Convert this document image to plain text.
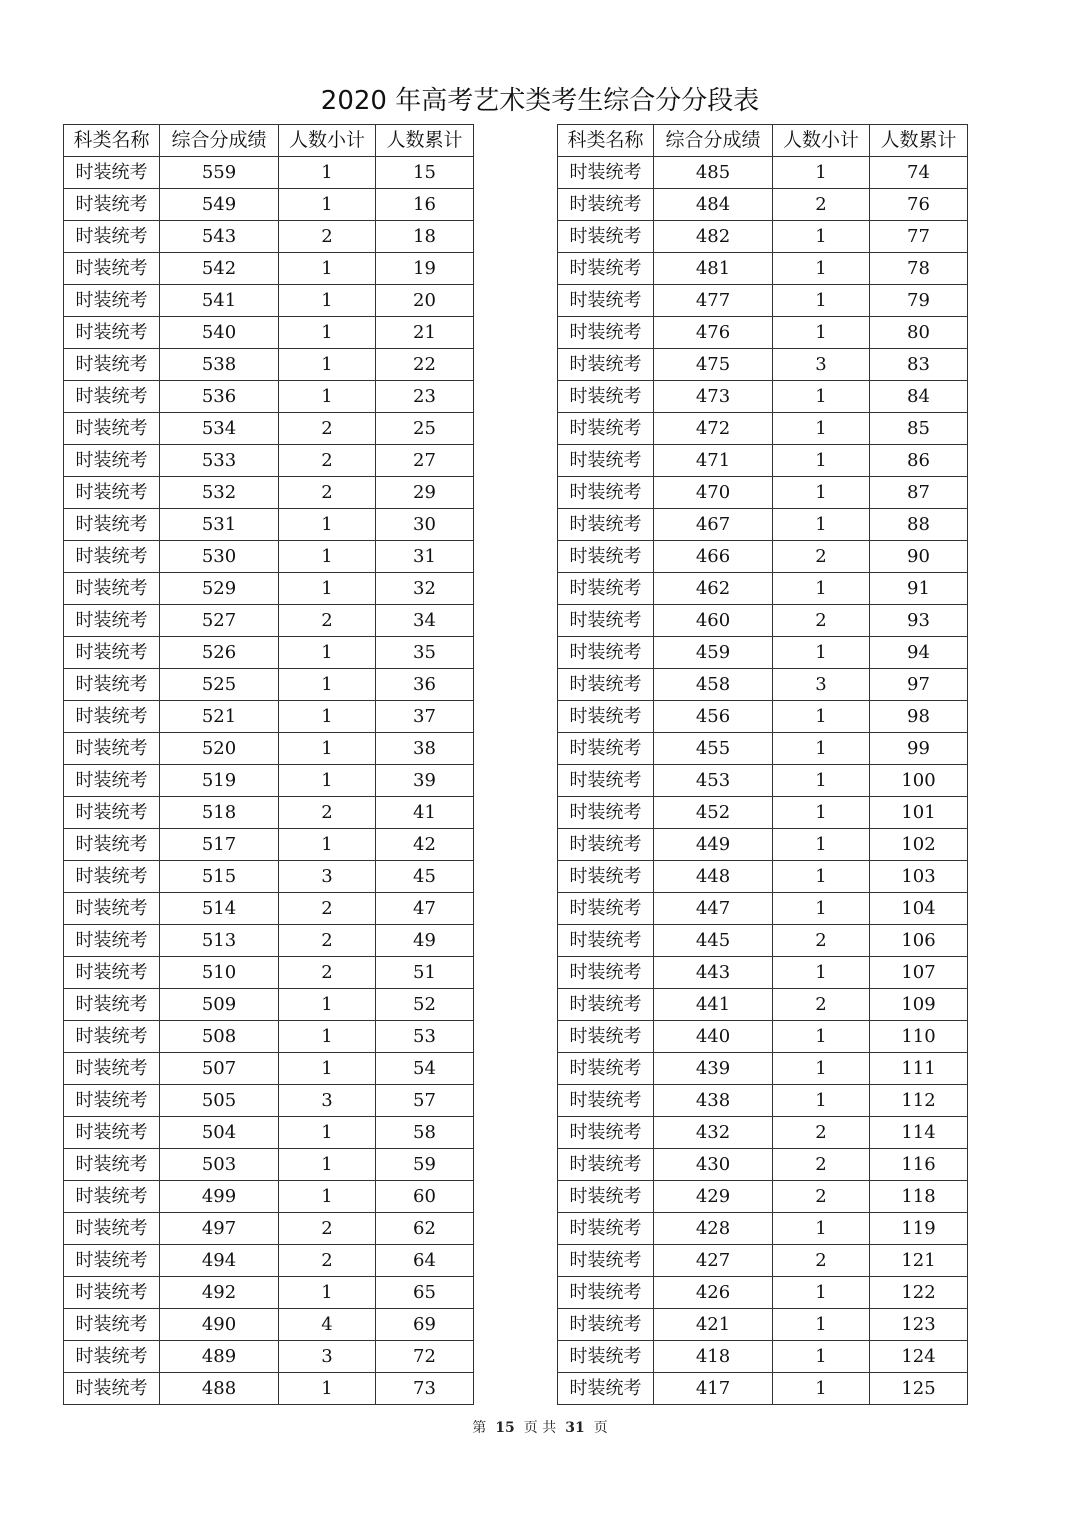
2020 年高考艺术类考生综合分分段表
科类名称	综合分成绩	人数小计	人数累计
时装统考	559	1	15
时装统考	549	1	16
时装统考	543	2	18
时装统考	542	1	19
时装统考	541	1	20
时装统考	540	1	21
时装统考	538	1	22
时装统考	536	1	23
时装统考	534	2	25
时装统考	533	2	27
时装统考	532	2	29
时装统考	531	1	30
时装统考	530	1	31
时装统考	529	1	32
时装统考	527	2	34
时装统考	526	1	35
时装统考	525	1	36
时装统考	521	1	37
时装统考	520	1	38
时装统考	519	1	39
时装统考	518	2	41
时装统考	517	1	42
时装统考	515	3	45
时装统考	514	2	47
时装统考	513	2	49
时装统考	510	2	51
时装统考	509	1	52
时装统考	508	1	53
时装统考	507	1	54
时装统考	505	3	57
时装统考	504	1	58
时装统考	503	1	59
时装统考	499	1	60
时装统考	497	2	62
时装统考	494	2	64
时装统考	492	1	65
时装统考	490	4	69
时装统考	489	3	72
时装统考	488	1	73
科类名称	综合分成绩	人数小计	人数累计
时装统考	485	1	74
时装统考	484	2	76
时装统考	482	1	77
时装统考	481	1	78
时装统考	477	1	79
时装统考	476	1	80
时装统考	475	3	83
时装统考	473	1	84
时装统考	472	1	85
时装统考	471	1	86
时装统考	470	1	87
时装统考	467	1	88
时装统考	466	2	90
时装统考	462	1	91
时装统考	460	2	93
时装统考	459	1	94
时装统考	458	3	97
时装统考	456	1	98
时装统考	455	1	99
时装统考	453	1	100
时装统考	452	1	101
时装统考	449	1	102
时装统考	448	1	103
时装统考	447	1	104
时装统考	445	2	106
时装统考	443	1	107
时装统考	441	2	109
时装统考	440	1	110
时装统考	439	1	111
时装统考	438	1	112
时装统考	432	2	114
时装统考	430	2	116
时装统考	429	2	118
时装统考	428	1	119
时装统考	427	2	121
时装统考	426	1	122
时装统考	421	1	123
时装统考	418	1	124
时装统考	417	1	125
第 15 页 共 31 页
